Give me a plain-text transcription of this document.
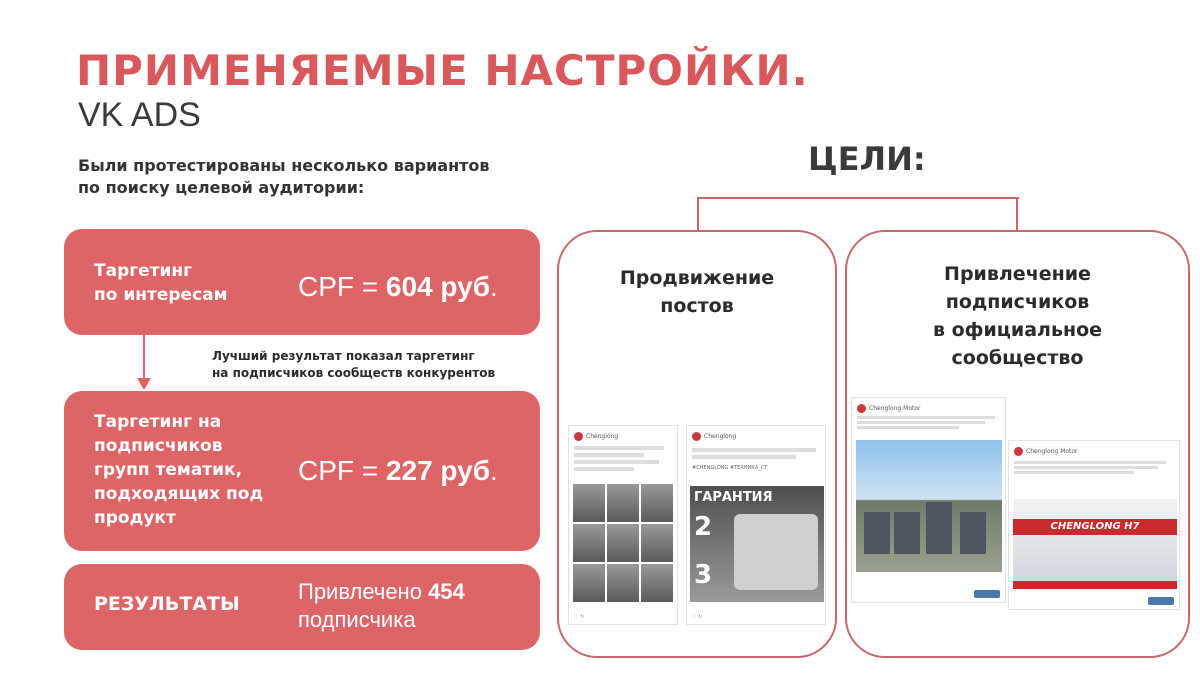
ПРИМЕНЯЕМЫЕ НАСТРОЙКИ.
VK ADS
Были протестированы несколько вариантов
по поиску целевой аудитории:
Таргетинг
по интересам	CPF = 604 руб.
Лучший результат показал таргетинг
на подписчиков сообществ конкурентов
Таргетинг на
подписчиков
групп тематик,
подходящих под
продукт
CPF = 227 руб.
РЕЗУЛЬТАТЫ	Привлечено 454
подписчика
ЦЕЛИ:
Продвижение
постов
Привлечение
подписчиков
в официальное
сообщество
Chenglong
♡ ↻
Chenglong
#CHENGLONG #ТЕХНИКА_СТ
ГАРАНТИЯ
2
3
♡ ↻
Chenglong Motor
Chenglong Motor
CHENGLONG H7
